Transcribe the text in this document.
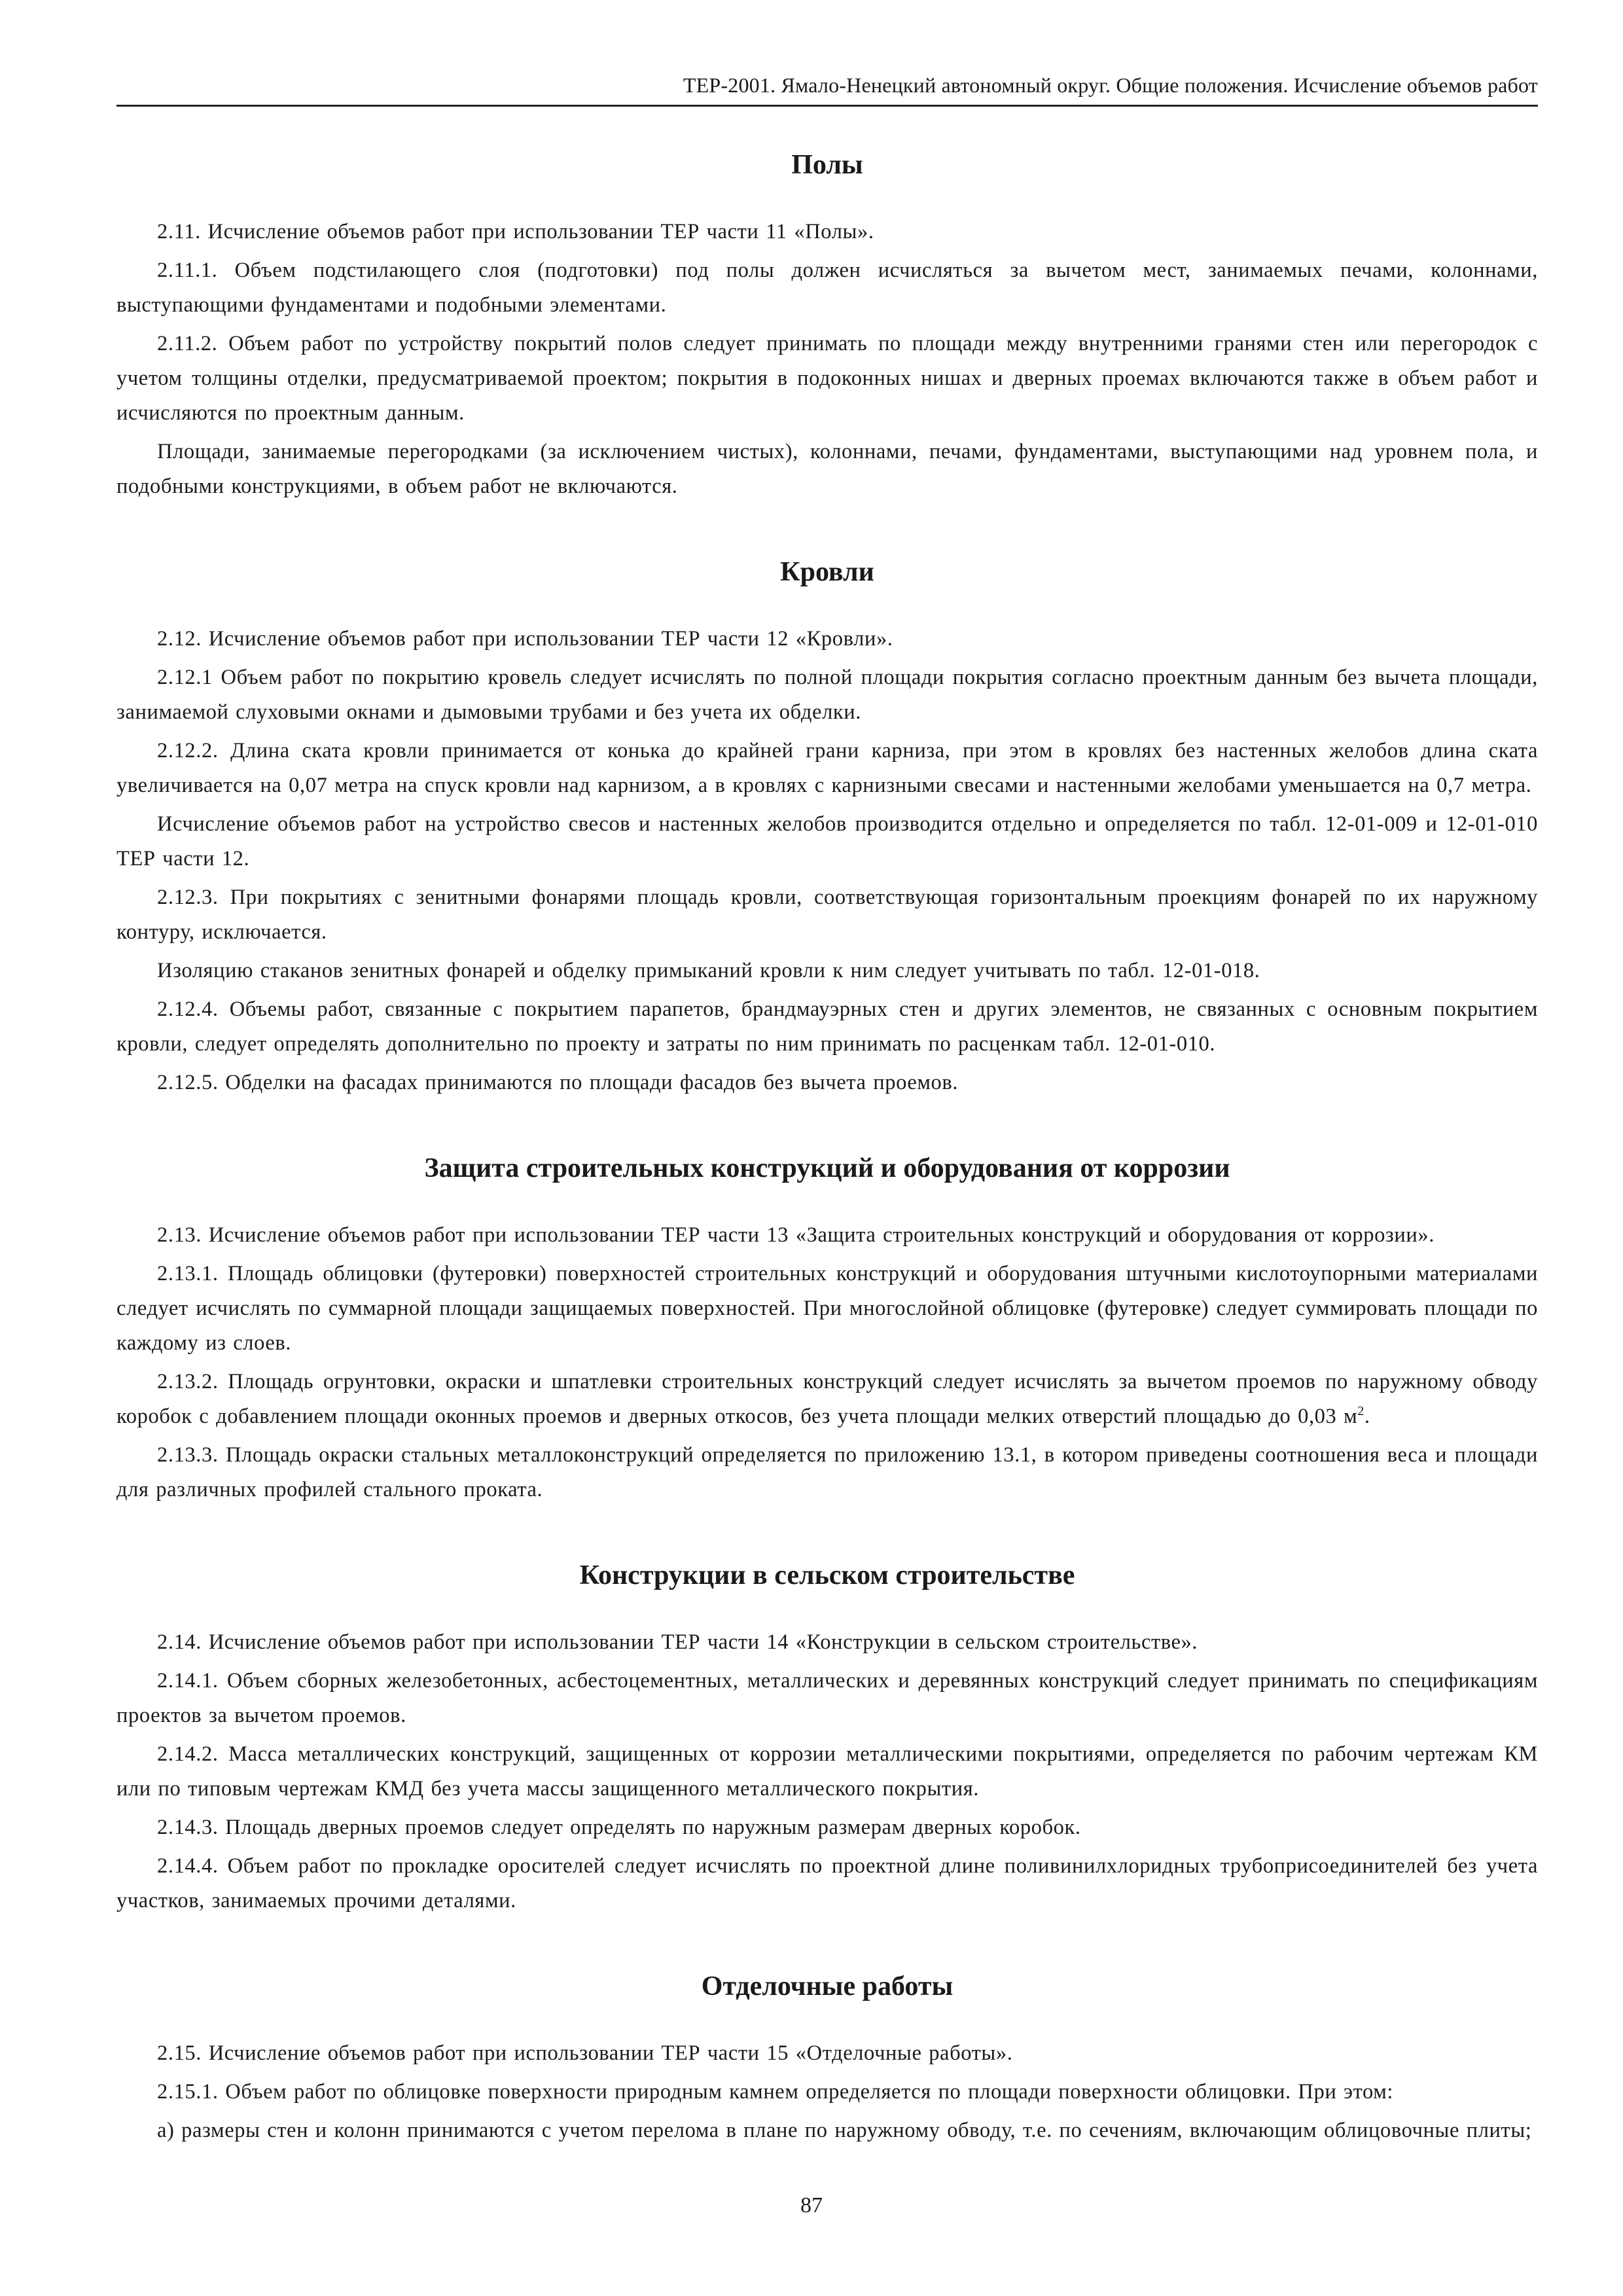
ТЕР-2001. Ямало-Ненецкий автономный округ. Общие положения. Исчисление объемов работ
Полы

2.11. Исчисление объемов работ при использовании ТЕР части 11 «Полы».

2.11.1. Объем подстилающего слоя (подготовки) под полы должен исчисляться за вычетом мест, занимаемых печами, колоннами, выступающими фундаментами и подобными элементами.

2.11.2. Объем работ по устройству покрытий полов следует принимать по площади между внутренними гранями стен или перегородок с учетом толщины отделки, предусматриваемой проектом; покрытия в подоконных нишах и дверных проемах включаются также в объем работ и исчисляются по проектным данным.

Площади, занимаемые перегородками (за исключением чистых), колоннами, печами, фундаментами, выступающими над уровнем пола, и подобными конструкциями, в объем работ не включаются.

Кровли

2.12. Исчисление объемов работ при использовании ТЕР части 12 «Кровли».

2.12.1 Объем работ по покрытию кровель следует исчислять по полной площади покрытия согласно проектным данным без вычета площади, занимаемой слуховыми окнами и дымовыми трубами и без учета их обделки.

2.12.2. Длина ската кровли принимается от конька до крайней грани карниза, при этом в кровлях без настенных желобов длина ската увеличивается на 0,07 метра на спуск кровли над карнизом, а в кровлях с карнизными свесами и настенными желобами уменьшается на 0,7 метра.

Исчисление объемов работ на устройство свесов и настенных желобов производится отдельно и определяется по табл. 12-01-009 и 12-01-010 ТЕР части 12.

2.12.3. При покрытиях с зенитными фонарями площадь кровли, соответствующая горизонтальным проекциям фонарей по их наружному контуру, исключается.

Изоляцию стаканов зенитных фонарей и обделку примыканий кровли к ним следует учитывать по табл. 12-01-018.

2.12.4. Объемы работ, связанные с покрытием парапетов, брандмауэрных стен и других элементов, не связанных с основным покрытием кровли, следует определять дополнительно по проекту и затраты по ним принимать по расценкам табл. 12-01-010.

2.12.5. Обделки на фасадах принимаются по площади фасадов без вычета проемов.

Защита строительных конструкций и оборудования от коррозии

2.13. Исчисление объемов работ при использовании ТЕР части 13 «Защита строительных конструкций и оборудования от коррозии».

2.13.1. Площадь облицовки (футеровки) поверхностей строительных конструкций и оборудования штучными кислотоупорными материалами следует исчислять по суммарной площади защищаемых поверхностей. При многослойной облицовке (футеровке) следует суммировать площади по каждому из слоев.

2.13.2. Площадь огрунтовки, окраски и шпатлевки строительных конструкций следует исчислять за вычетом проемов по наружному обводу коробок с добавлением площади оконных проемов и дверных откосов, без учета площади мелких отверстий площадью до 0,03 $м^2$.

2.13.3. Площадь окраски стальных металлоконструкций определяется по приложению 13.1, в котором приведены соотношения веса и площади для различных профилей стального проката.

Конструкции в сельском строительстве

2.14. Исчисление объемов работ при использовании ТЕР части 14 «Конструкции в сельском строительстве».

2.14.1. Объем сборных железобетонных, асбестоцементных, металлических и деревянных конструкций следует принимать по спецификациям проектов за вычетом проемов.

2.14.2. Масса металлических конструкций, защищенных от коррозии металлическими покрытиями, определяется по рабочим чертежам КМ или по типовым чертежам КМД без учета массы защищенного металлического покрытия.

2.14.3. Площадь дверных проемов следует определять по наружным размерам дверных коробок.

2.14.4. Объем работ по прокладке оросителей следует исчислять по проектной длине поливинилхлоридных трубоприсоединителей без учета участков, занимаемых прочими деталями.

Отделочные работы

2.15. Исчисление объемов работ при использовании ТЕР части 15 «Отделочные работы».

2.15.1. Объем работ по облицовке поверхности природным камнем определяется по площади поверхности облицовки. При этом:

а) размеры стен и колонн принимаются с учетом перелома в плане по наружному обводу, т.е. по сечениям, включающим облицовочные плиты;

87
